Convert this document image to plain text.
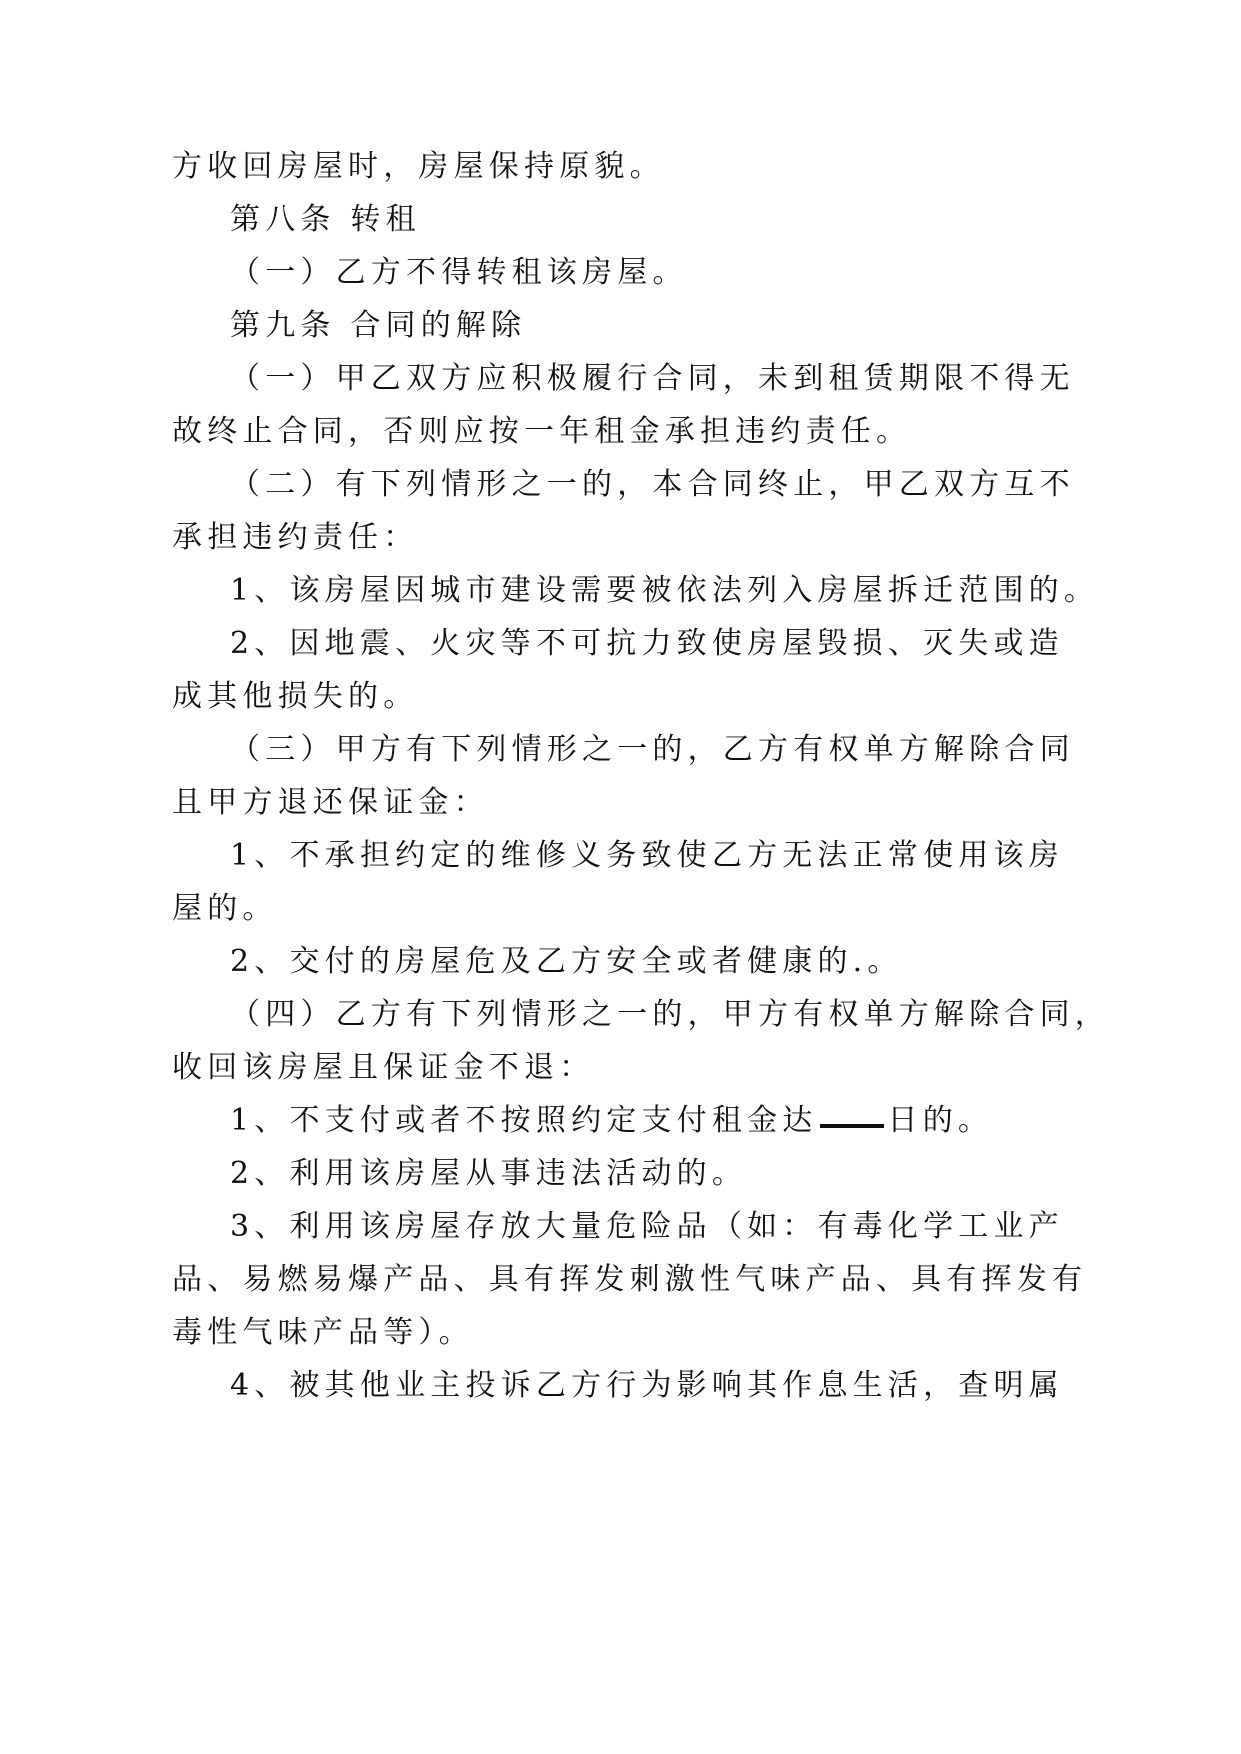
方收回房屋时，房屋保持原貌。
第八条 转租
（一）乙方不得转租该房屋。
第九条 合同的解除
（一）甲乙双方应积极履行合同，未到租赁期限不得无
故终止合同，否则应按一年租金承担违约责任。
（二）有下列情形之一的，本合同终止，甲乙双方互不
承担违约责任：
1、该房屋因城市建设需要被依法列入房屋拆迁范围的。
2、因地震、火灾等不可抗力致使房屋毁损、灭失或造
成其他损失的。
（三）甲方有下列情形之一的，乙方有权单方解除合同
且甲方退还保证金：
1、不承担约定的维修义务致使乙方无法正常使用该房
屋的。
2、交付的房屋危及乙方安全或者健康的.。
（四）乙方有下列情形之一的，甲方有权单方解除合同，
收回该房屋且保证金不退：
1、不支付或者不按照约定支付租金达 日的。
2、利用该房屋从事违法活动的。
3、利用该房屋存放大量危险品（如：有毒化学工业产
品、易燃易爆产品、具有挥发刺激性气味产品、具有挥发有
毒性气味产品等）。
4、被其他业主投诉乙方行为影响其作息生活，查明属
